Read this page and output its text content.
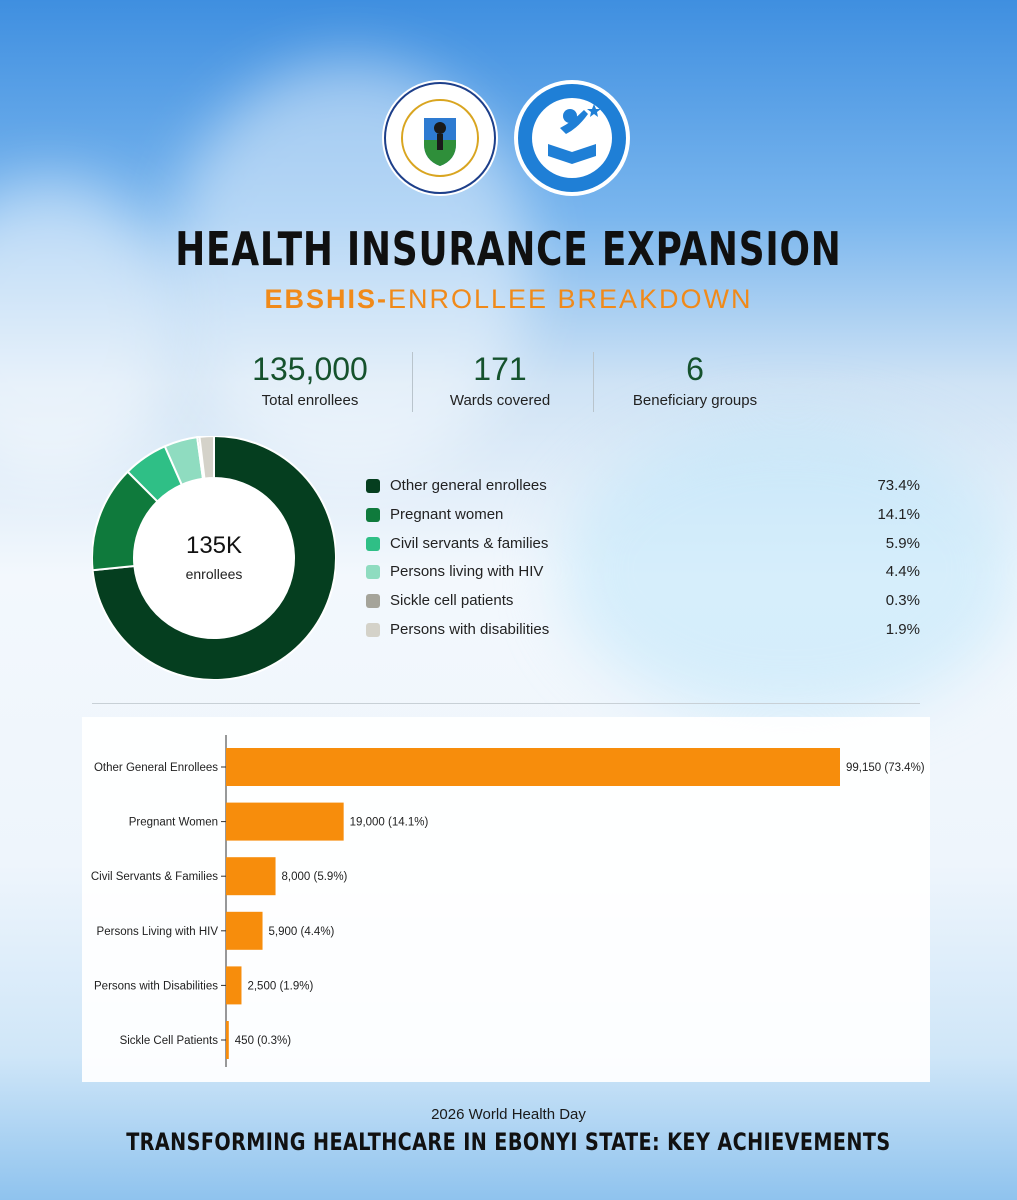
HEALTH INSURANCE EXPANSION
EBSHIS-ENROLLEE BREAKDOWN
135,000
Total enrollees
171
Wards covered
6
Beneficiary groups
135K
enrollees
Other general enrollees	73.4%
Pregnant women	14.1%
Civil servants & families	5.9%
Persons living with HIV	4.4%
Sickle cell patients	0.3%
Persons with disabilities	1.9%
Other General Enrollees	99,150 (73.4%)
Pregnant Women	19,000 (14.1%)
Civil Servants & Families	8,000 (5.9%)
Persons Living with HIV	5,900 (4.4%)
Persons with Disabilities	2,500 (1.9%)
Sickle Cell Patients 450 (0.3%)
2026 World Health Day
TRANSFORMING HEALTHCARE IN EBONYI STATE: KEY ACHIEVEMENTS
